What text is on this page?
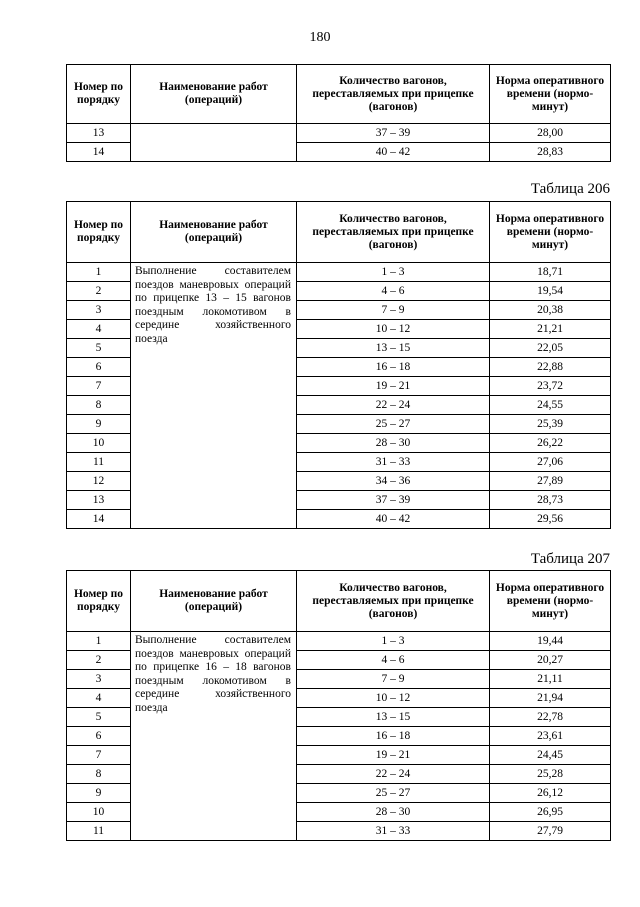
180
Номер по порядку	Наименование работ (операций)	Количество вагонов, переставляемых при прицепке (вагонов)	Норма оперативного времени (нормо-минут)
13		37 – 39	28,00
14		40 – 42	28,83
Таблица 206
Номер по порядку	Наименование работ (операций)	Количество вагонов, переставляемых при прицепке (вагонов)	Норма оперативного времени (нормо-минут)
1	Выполнение составителем поездов маневровых операций по прицепке 13 – 15 вагонов поездным локомотивом в середине хозяйственного поезда	1 – 3	18,71
2		4 – 6	19,54
3		7 – 9	20,38
4		10 – 12	21,21
5		13 – 15	22,05
6		16 – 18	22,88
7		19 – 21	23,72
8		22 – 24	24,55
9		25 – 27	25,39
10		28 – 30	26,22
11		31 – 33	27,06
12		34 – 36	27,89
13		37 – 39	28,73
14		40 – 42	29,56
Таблица 207
Номер по порядку	Наименование работ (операций)	Количество вагонов, переставляемых при прицепке (вагонов)	Норма оперативного времени (нормо-минут)
1	Выполнение составителем поездов маневровых операций по прицепке 16 – 18 вагонов поездным локомотивом в середине хозяйственного поезда	1 – 3	19,44
2		4 – 6	20,27
3		7 – 9	21,11
4		10 – 12	21,94
5		13 – 15	22,78
6		16 – 18	23,61
7		19 – 21	24,45
8		22 – 24	25,28
9		25 – 27	26,12
10		28 – 30	26,95
11		31 – 33	27,79
